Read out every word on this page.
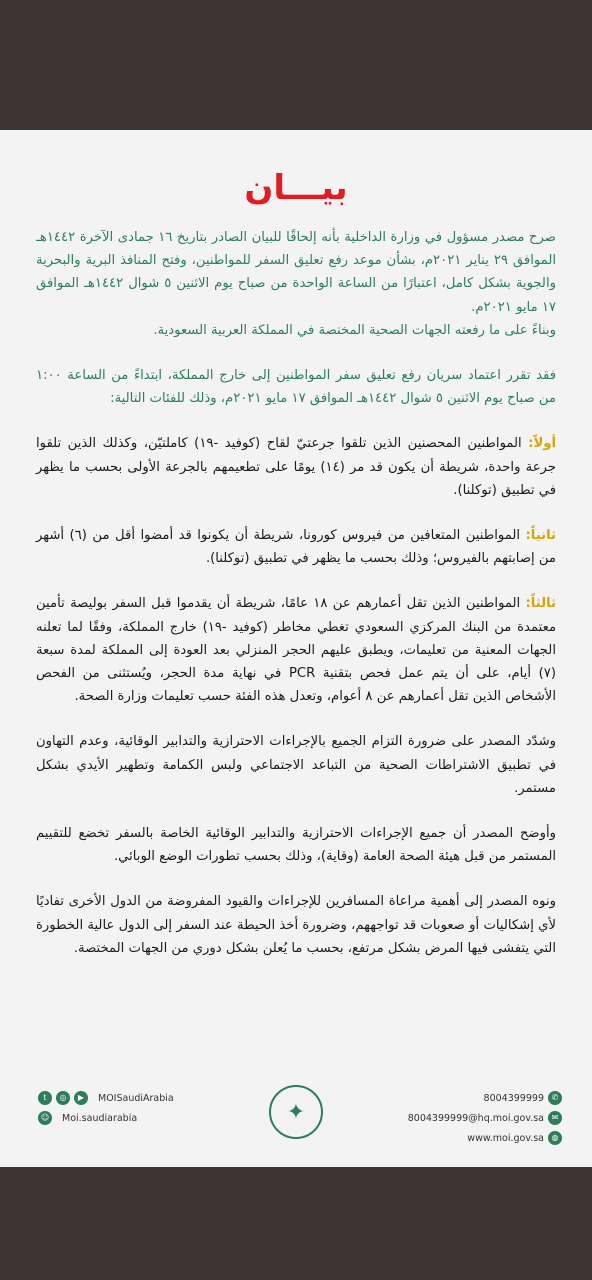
بيـــان

صرح مصدر مسؤول في وزارة الداخلية بأنه إلحاقًا للبيان الصادر بتاريخ ١٦ جمادى الآخرة ١٤٤٢هـ الموافق ٢٩ يناير ٢٠٢١م، بشأن موعد رفع تعليق السفر للمواطنين، وفتح المنافذ البرية والبحرية والجوية بشكل كامل، اعتبارًا من الساعة الواحدة من صباح يوم الاثنين ٥ شوال ١٤٤٢هـ الموافق ١٧ مايو ٢٠٢١م.
وبناءً على ما رفعته الجهات الصحية المختصة في المملكة العربية السعودية.

فقد تقرر اعتماد سريان رفع تعليق سفر المواطنين إلى خارج المملكة، ابتداءً من الساعة ١:٠٠ من صباح يوم الاثنين ٥ شوال ١٤٤٢هـ الموافق ١٧ مايو ٢٠٢١م، وذلك للفئات التالية:

أولاً: المواطنين المحصنين الذين تلقوا جرعتيّ لقاح (كوفيد -١٩) كاملتيّن، وكذلك الذين تلقوا جرعة واحدة، شريطة أن يكون قد مر (١٤) يومًا على تطعيمهم بالجرعة الأولى بحسب ما يظهر في تطبيق (توكلنا).

ثانياً: المواطنين المتعافين من فيروس كورونا، شريطة أن يكونوا قد أمضوا أقل من (٦) أشهر من إصابتهم بالفيروس؛ وذلك بحسب ما يظهر في تطبيق (توكلنا).

ثالثاً: المواطنين الذين تقل أعمارهم عن ١٨ عامًا، شريطة أن يقدموا قبل السفر بوليصة تأمين معتمدة من البنك المركزي السعودي تغطي مخاطر (كوفيد -١٩) خارج المملكة، وفقًا لما تعلنه الجهات المعنية من تعليمات، ويطبق عليهم الحجر المنزلي بعد العودة إلى المملكة لمدة سبعة (٧) أيام، على أن يتم عمل فحص بتقنية PCR في نهاية مدة الحجر، ويُستثنى من الفحص الأشخاص الذين تقل أعمارهم عن ٨ أعوام، وتعدل هذه الفئة حسب تعليمات وزارة الصحة.

وشدّد المصدر على ضرورة التزام الجميع بالإجراءات الاحترازية والتدابير الوقائية، وعدم التهاون في تطبيق الاشتراطات الصحية من التباعد الاجتماعي ولبس الكمامة وتطهير الأيدي بشكل مستمر.

وأوضح المصدر أن جميع الإجراءات الاحترازية والتدابير الوقائية الخاصة بالسفر تخضع للتقييم المستمر من قبل هيئة الصحة العامة (وقاية)، وذلك بحسب تطورات الوضع الوبائي.

ونوه المصدر إلى أهمية مراعاة المسافرين للإجراءات والقيود المفروضة من الدول الأخرى تفاديًا لأي إشكاليات أو صعوبات قد تواجههم، وضرورة أخذ الحيطة عند السفر إلى الدول عالية الخطورة التي يتفشى فيها المرض بشكل مرتفع، بحسب ما يُعلن بشكل دوري من الجهات المختصة.

t	◎	▶	MOISaudiArabia
☺ Moi.saudiarabia	✦
8004399999 ✆
8004399999@hq.moi.gov.sa ✉
www.moi.gov.sa ◍
